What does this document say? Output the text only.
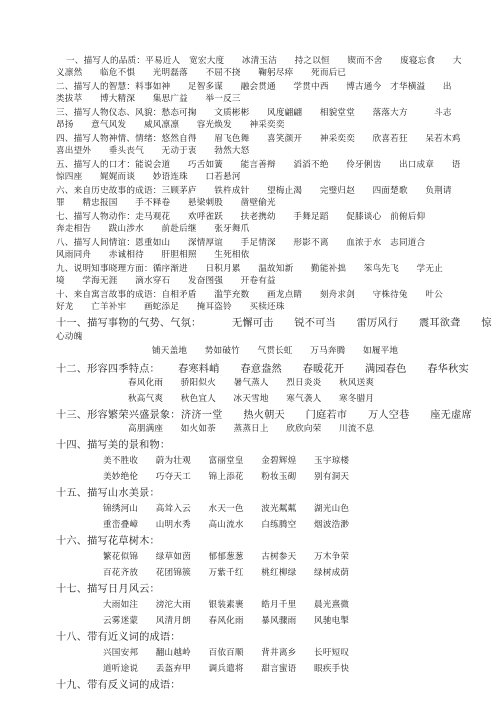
一、描写人的品质：平易近人　宽宏大度　　冰清玉洁　　持之以恒　　锲而不舍　　废寝忘食　　大
义凛然　　临危不惧　　光明磊落　　不屈不挠　　鞠躬尽瘁　　死而后已
二、描写人的智慧：料事如神　　足智多谋　　融会贯通　　学贯中西　　博古通今　才华横溢　　出
类拔萃　　博大精深　　集思广益　　举一反三
三、描写人物仪态、风貌：愁态可掬　　文质彬彬　　风度翩翩　　相貌堂堂　　落落大方　　　斗志
昂扬　　意气风发　　威风凛凛　　容光焕发　　神采奕奕
四、描写人物神情、情绪：悠然自得　　眉飞色舞　　喜笑颜开　　神采奕奕　　欣喜若狂　　呆若木鸡
喜出望外　　垂头丧气　　无动于衷　　勃然大怒
五、描写人的口才：能说会道　　巧舌如簧　　能言善辩　　滔滔不绝　　伶牙俐齿　　出口成章　　语
惊四座　　娓娓而谈　　妙语连珠　　口若悬河
六、来自历史故事的成语：三顾茅庐　　铁杵成针　　望梅止渴　　完璧归赵　　四面楚歌　　负荆请
罪　　精忠报国　　手不释卷　　悬梁刺股　　凿壁偷光
七、描写人物动作：走马观花　　欢呼雀跃　　扶老携幼　　手舞足蹈　　促膝谈心　前俯后仰
奔走相告　　跋山涉水　　前赴后继　　张牙舞爪
八、描写人间情谊：恩重如山　　深情厚谊　　手足情深　　形影不离　　血浓于水　志同道合
风雨同舟　　赤诚相待　　肝胆相照　　生死相依
九、说明知事晓理方面：循序渐进　　日积月累　　温故知新　　勤能补拙　　笨鸟先飞　　学无止
境　　学海无涯　　滴水穿石　　发奋图强　　开卷有益
十、来自寓言故事的成语：自相矛盾　　滥竽充数　　画龙点睛　　刻舟求剑　　守株待兔　　叶公
好龙　　亡羊补牢　　画蛇添足　　掩耳盗铃　　买椟还珠
十一、描写事物的气势、气氛：	无懈可击　　锐不可当　　雷厉风行　　震耳欲聋　　惊
心动魄
铺天盖地　　势如破竹　　气贯长虹　　万马奔腾　　如履平地
十二、形容四季特点： 春寒料峭　　春意盎然　　春暖花开　　满园春色　　春华秋实
春风化雨　　骄阳似火　　暑气蒸人　　烈日炎炎　　秋风送爽
秋高气爽　　秋色宜人　　冰天雪地　　寒气袭人　　寒冬腊月
十三、形容繁荣兴盛景象： 济济一堂　　热火朝天　　门庭若市　　万人空巷　　座无虚席
高朋满座　　如火如荼　　蒸蒸日上　　欣欣向荣　　川流不息
十四、描写美的景和物：
美不胜收　　蔚为壮观　　富丽堂皇　　金碧辉煌　　玉宇琼楼
美妙绝伦　　巧夺天工　　锦上添花　　粉妆玉砌　　别有洞天
十五、描写山水美景：
锦绣河山　　高耸入云　　水天一色　　波光粼粼　　湖光山色
重峦叠嶂　　山明水秀　　高山流水　　白练腾空　　烟波浩渺
十六、描写花草树木：
繁花似锦　　绿草如茵　　郁郁葱葱　　古树参天　　万木争荣
百花齐放　　花团锦簇　　万紫千红　　桃红柳绿　　绿树成荫
十七、描写日月风云：
大雨如注　　滂沱大雨　　银装素裹　　皓月千里　　晨光熹微
云雾迷蒙　　风清月朗　　春风化雨　　暴风骤雨　　风驰电掣
十八、带有近义词的成语：
兴国安邦　　翻山越岭　　百依百顺　　背井离乡　　长吁短叹
道听途说　　丢盔弃甲　　调兵遣将　　甜言蜜语　　眼疾手快
十九、带有反义词的成语：
